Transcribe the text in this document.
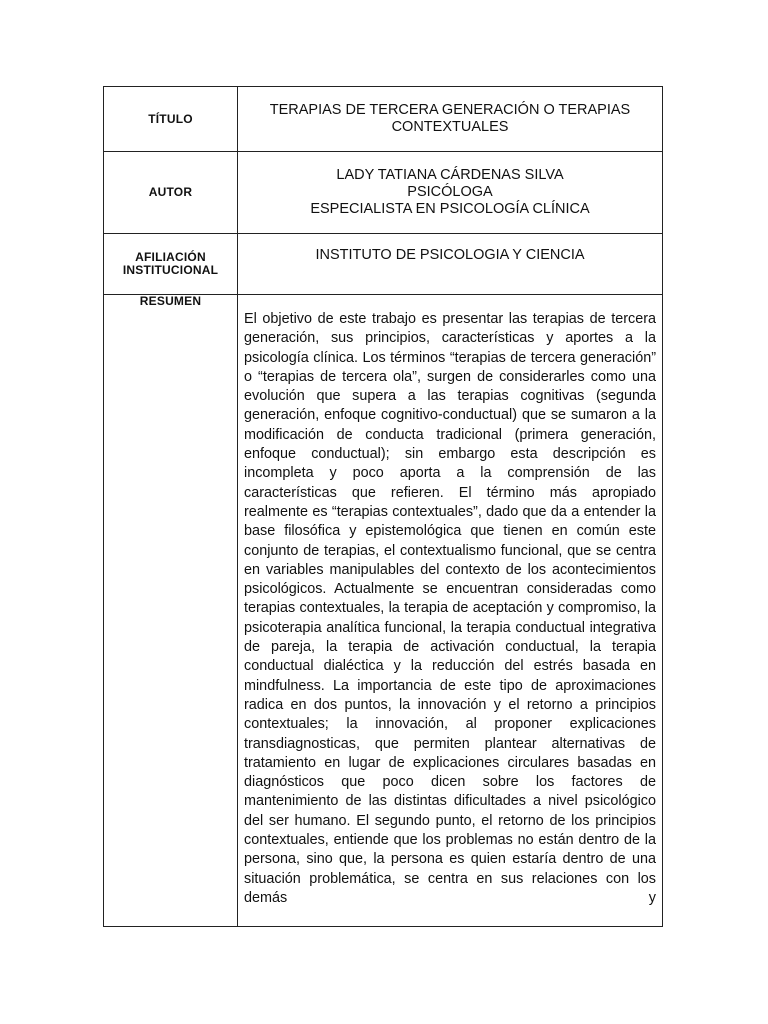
TÍTULO	TERAPIAS DE TERCERA GENERACIÓN O TERAPIAS
CONTEXTUALES

AUTOR	LADY TATIANA CÁRDENAS SILVA
PSICÓLOGA
ESPECIALISTA EN PSICOLOGÍA CLÍNICA

AFILIACIÓN
INSTITUCIONAL	INSTITUTO DE PSICOLOGIA Y CIENCIA

RESUMEN	El objetivo de este trabajo es presentar las terapias de tercera generación, sus principios, características y aportes a la psicología clínica. Los términos “terapias de tercera generación” o “terapias de tercera ola”, surgen de considerarles como una evolución que supera a las terapias cognitivas (segunda generación, enfoque cognitivo-conductual) que se sumaron a la modificación de conducta tradicional (primera generación, enfoque conductual); sin embargo esta descripción es incompleta y poco aporta a la comprensión de las características que refieren. El término más apropiado realmente es “terapias contextuales”, dado que da a entender la base filosófica y epistemológica que tienen en común este conjunto de terapias, el contextualismo funcional, que se centra en variables manipulables del contexto de los acontecimientos psicológicos. Actualmente se encuentran consideradas como terapias contextuales, la terapia de aceptación y compromiso, la psicoterapia analítica funcional, la terapia conductual integrativa de pareja, la terapia de activación conductual, la terapia conductual dialéctica y la reducción del estrés basada en mindfulness. La importancia de este tipo de aproximaciones radica en dos puntos, la innovación y el retorno a principios contextuales; la innovación, al proponer explicaciones transdiagnosticas, que permiten plantear alternativas de tratamiento en lugar de explicaciones circulares basadas en diagnósticos que poco dicen sobre los factores de mantenimiento de las distintas dificultades a nivel psicológico del ser humano. El segundo punto, el retorno de los principios contextuales, entiende que los problemas no están dentro de la persona, sino que, la persona es quien estaría dentro de una situación problemática, se centra en sus relaciones con los demás y
